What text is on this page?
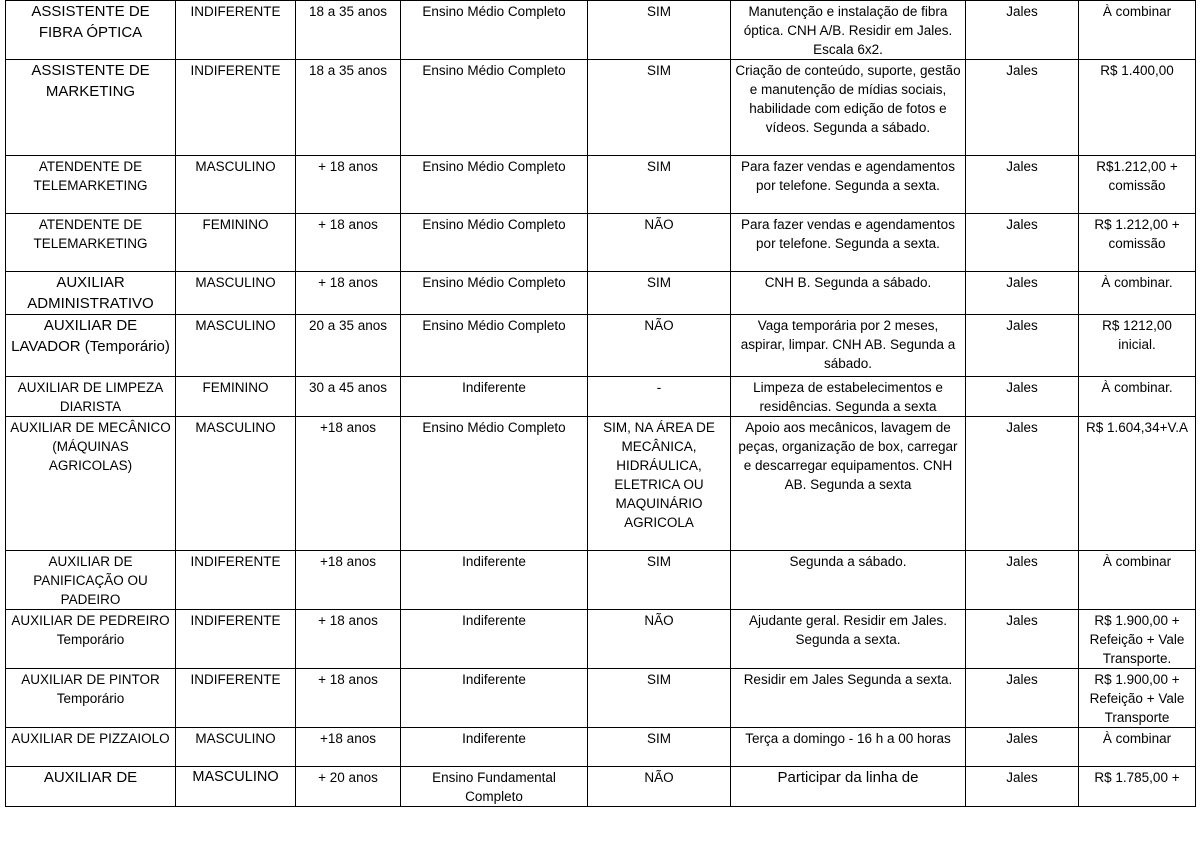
ASSISTENTE DE FIBRA ÓPTICA	INDIFERENTE	18 a 35 anos	Ensino Médio Completo	SIM	Manutenção e instalação de fibra óptica. CNH A/B. Residir em Jales. Escala 6x2.	Jales	À combinar
ASSISTENTE DE MARKETING	INDIFERENTE	18 a 35 anos	Ensino Médio Completo	SIM	Criação de conteúdo, suporte, gestão e manutenção de mídias sociais, habilidade com edição de fotos e vídeos. Segunda a sábado.	Jales	R$ 1.400,00
ATENDENTE DE TELEMARKETING	MASCULINO	+ 18 anos	Ensino Médio Completo	SIM	Para fazer vendas e agendamentos por telefone. Segunda a sexta.	Jales	R$1.212,00 + comissão
ATENDENTE DE TELEMARKETING	FEMININO	+ 18 anos	Ensino Médio Completo	NÃO	Para fazer vendas e agendamentos por telefone. Segunda a sexta.	Jales	R$ 1.212,00 + comissão
AUXILIAR ADMINISTRATIVO	MASCULINO	+ 18 anos	Ensino Médio Completo	SIM	CNH B. Segunda a sábado.	Jales	À combinar.
AUXILIAR DE LAVADOR (Temporário)	MASCULINO	20 a 35 anos	Ensino Médio Completo	NÃO	Vaga temporária por 2 meses, aspirar, limpar. CNH AB. Segunda a sábado.	Jales	R$ 1212,00 inicial.
AUXILIAR DE LIMPEZA DIARISTA	FEMININO	30 a 45 anos	Indiferente	-	Limpeza de estabelecimentos e residências. Segunda a sexta	Jales	À combinar.
AUXILIAR DE MECÂNICO (MÁQUINAS AGRICOLAS)	MASCULINO	+18 anos	Ensino Médio Completo	SIM, NA ÁREA DE MECÂNICA, HIDRÁULICA, ELETRICA OU MAQUINÁRIO AGRICOLA	Apoio aos mecânicos, lavagem de peças, organização de box, carregar e descarregar equipamentos. CNH AB. Segunda a sexta	Jales	R$ 1.604,34+V.A
AUXILIAR DE PANIFICAÇÃO OU PADEIRO	INDIFERENTE	+18 anos	Indiferente	SIM	Segunda a sábado.	Jales	À combinar
AUXILIAR DE PEDREIRO Temporário	INDIFERENTE	+ 18 anos	Indiferente	NÃO	Ajudante geral. Residir em Jales. Segunda a sexta.	Jales	R$ 1.900,00 + Refeição + Vale Transporte.
AUXILIAR DE PINTOR Temporário	INDIFERENTE	+ 18 anos	Indiferente	SIM	Residir em Jales Segunda a sexta.	Jales	R$ 1.900,00 + Refeição + Vale Transporte
AUXILIAR DE PIZZAIOLO	MASCULINO	+18 anos	Indiferente	SIM	Terça a domingo - 16 h a 00 horas	Jales	À combinar
AUXILIAR DE	MASCULINO	+ 20 anos	Ensino Fundamental Completo	NÃO	Participar da linha de	Jales	R$ 1.785,00 +
